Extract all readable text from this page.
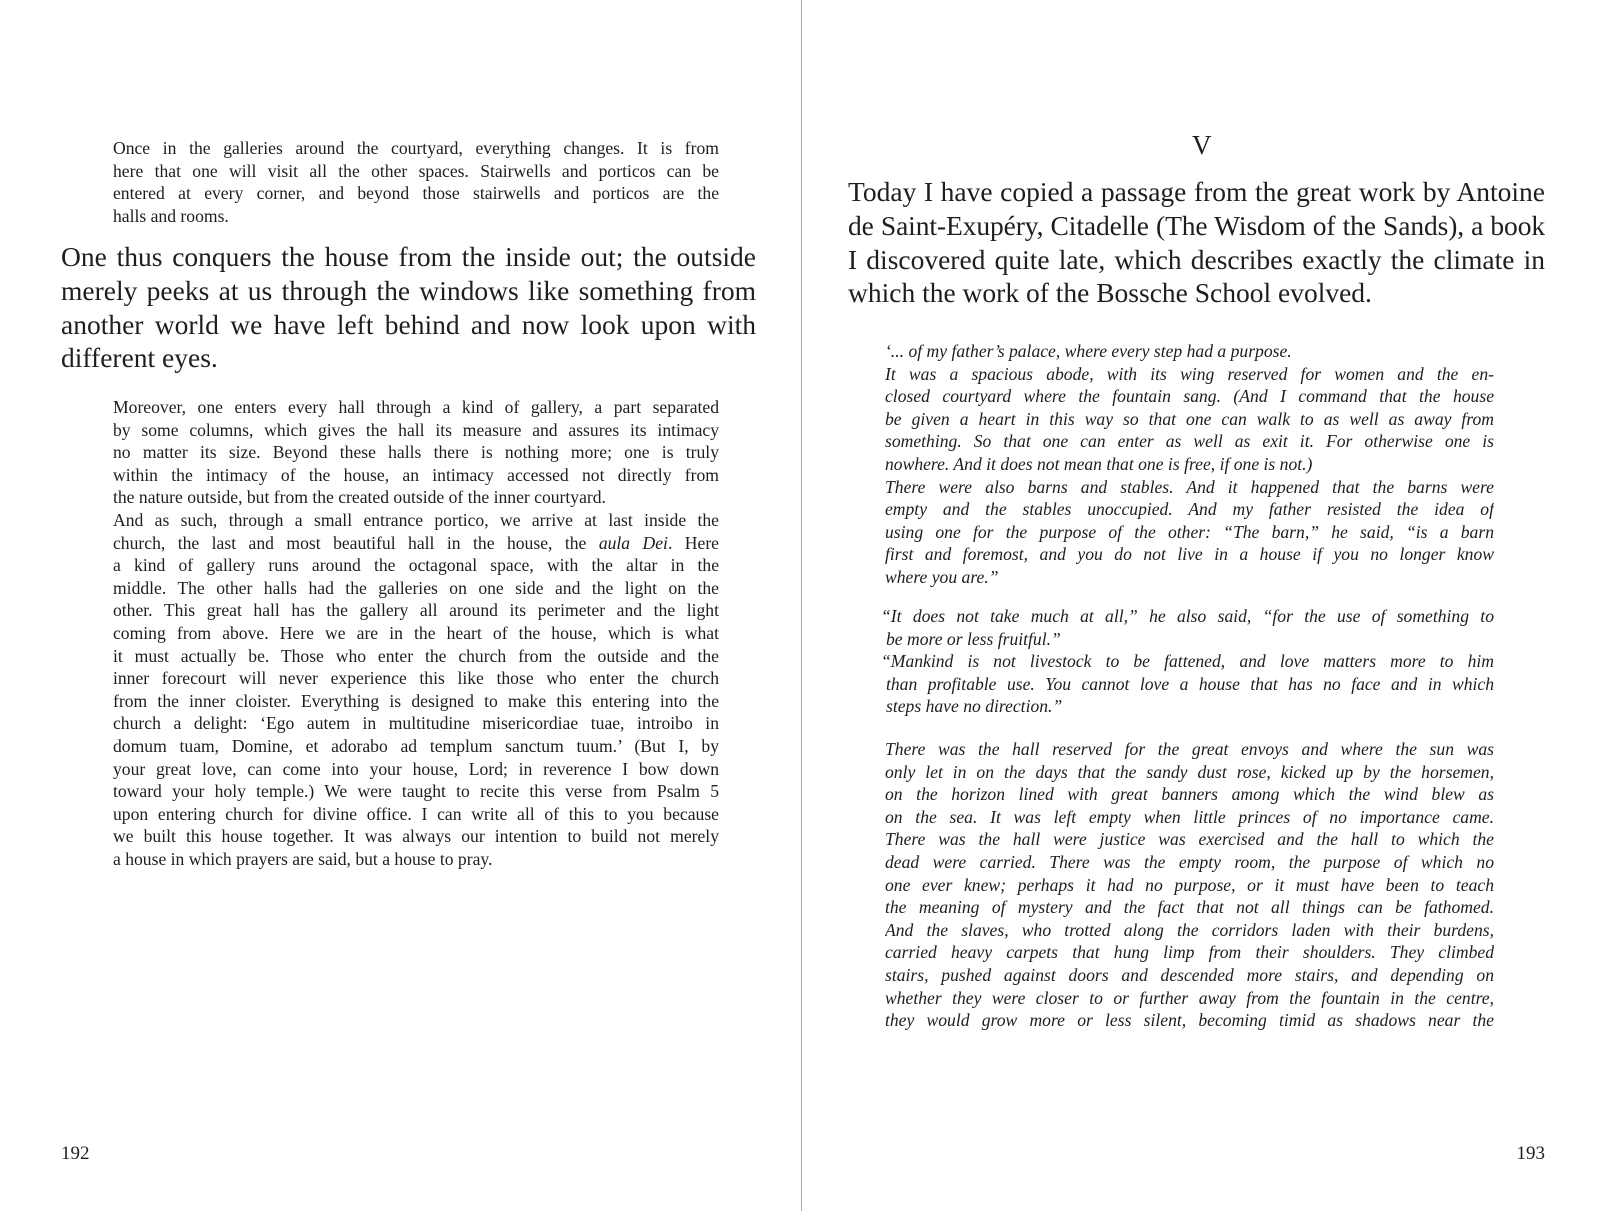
Once in the galleries around the courtyard, everything changes. It is from
here that one will visit all the other spaces. Stairwells and porticos can be
entered at every corner, and beyond those stairwells and porticos are the
halls and rooms.
One thus conquers the house from the inside out; the outside
merely peeks at us through the windows like something from
another world we have left behind and now look upon with
different eyes.
Moreover, one enters every hall through a kind of gallery, a part separated
by some columns, which gives the hall its measure and assures its intimacy
no matter its size. Beyond these halls there is nothing more; one is truly
within the intimacy of the house, an intimacy accessed not directly from
the nature outside, but from the created outside of the inner courtyard.
And as such, through a small entrance portico, we arrive at last inside the
church, the last and most beautiful hall in the house, the aula Dei. Here
a kind of gallery runs around the octagonal space, with the altar in the
middle. The other halls had the galleries on one side and the light on the
other. This great hall has the gallery all around its perimeter and the light
coming from above. Here we are in the heart of the house, which is what
it must actually be. Those who enter the church from the outside and the
inner forecourt will never experience this like those who enter the church
from the inner cloister. Everything is designed to make this entering into the
church a delight: ‘Ego autem in multitudine misericordiae tuae, introibo in
domum tuam, Domine, et adorabo ad templum sanctum tuum.’ (But I, by
your great love, can come into your house, Lord; in reverence I bow down
toward your holy temple.) We were taught to recite this verse from Psalm 5
upon entering church for divine office. I can write all of this to you because
we built this house together. It was always our intention to build not merely
a house in which prayers are said, but a house to pray.
192
V
Today I have copied a passage from the great work by Antoine
de Saint-Exupéry, Citadelle (The Wisdom of the Sands), a book
I discovered quite late, which describes exactly the climate in
which the work of the Bossche School evolved.
‘... of my father’s palace, where every step had a purpose.
It was a spacious abode, with its wing reserved for women and the en-
closed courtyard where the fountain sang. (And I command that the house
be given a heart in this way so that one can walk to as well as away from
something. So that one can enter as well as exit it. For otherwise one is
nowhere. And it does not mean that one is free, if one is not.)
There were also barns and stables. And it happened that the barns were
empty and the stables unoccupied. And my father resisted the idea of
using one for the purpose of the other: “The barn,” he said, “is a barn
first and foremost, and you do not live in a house if you no longer know
where you are.”
“It does not take much at all,” he also said, “for the use of something to
be more or less fruitful.”
“Mankind is not livestock to be fattened, and love matters more to him
than profitable use. You cannot love a house that has no face and in which
steps have no direction.”
There was the hall reserved for the great envoys and where the sun was
only let in on the days that the sandy dust rose, kicked up by the horsemen,
on the horizon lined with great banners among which the wind blew as
on the sea. It was left empty when little princes of no importance came.
There was the hall were justice was exercised and the hall to which the
dead were carried. There was the empty room, the purpose of which no
one ever knew; perhaps it had no purpose, or it must have been to teach
the meaning of mystery and the fact that not all things can be fathomed.
And the slaves, who trotted along the corridors laden with their burdens,
carried heavy carpets that hung limp from their shoulders. They climbed
stairs, pushed against doors and descended more stairs, and depending on
whether they were closer to or further away from the fountain in the centre,
they would grow more or less silent, becoming timid as shadows near the
193
